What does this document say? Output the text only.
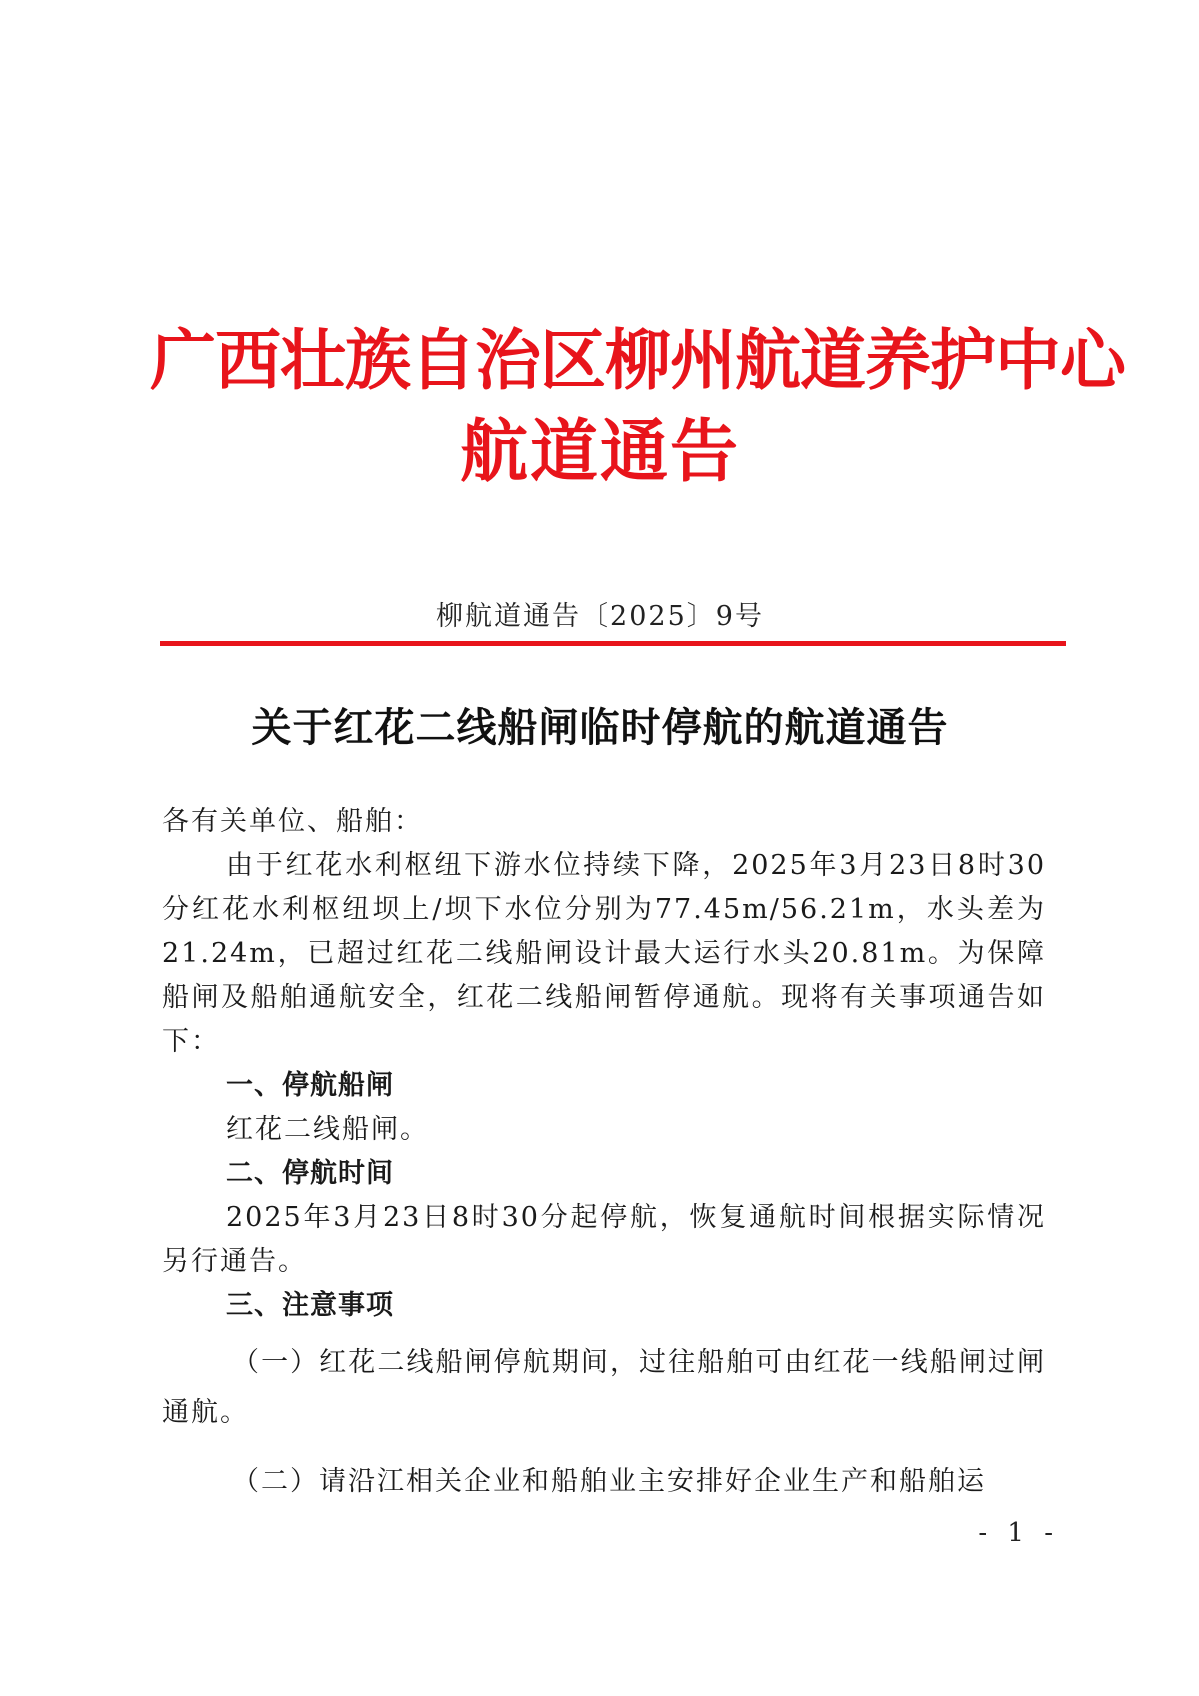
广西壮族自治区柳州航道养护中心
航道通告
柳航道通告〔2025〕9号
关于红花二线船闸临时停航的航道通告

各有关单位、船舶：

由于红花水利枢纽下游水位持续下降，2025年3月23日8时30分红花水利枢纽坝上/坝下水位分别为77.45m/56.21m，水头差为21.24m，已超过红花二线船闸设计最大运行水头20.81m。为保障船闸及船舶通航安全，红花二线船闸暂停通航。现将有关事项通告如下：

一、停航船闸

红花二线船闸。

二、停航时间

2025年3月23日8时30分起停航，恢复通航时间根据实际情况另行通告。

三、注意事项

（一）红花二线船闸停航期间，过往船舶可由红花一线船闸过闸通航。

（二）请沿江相关企业和船舶业主安排好企业生产和船舶运

- 1 -
